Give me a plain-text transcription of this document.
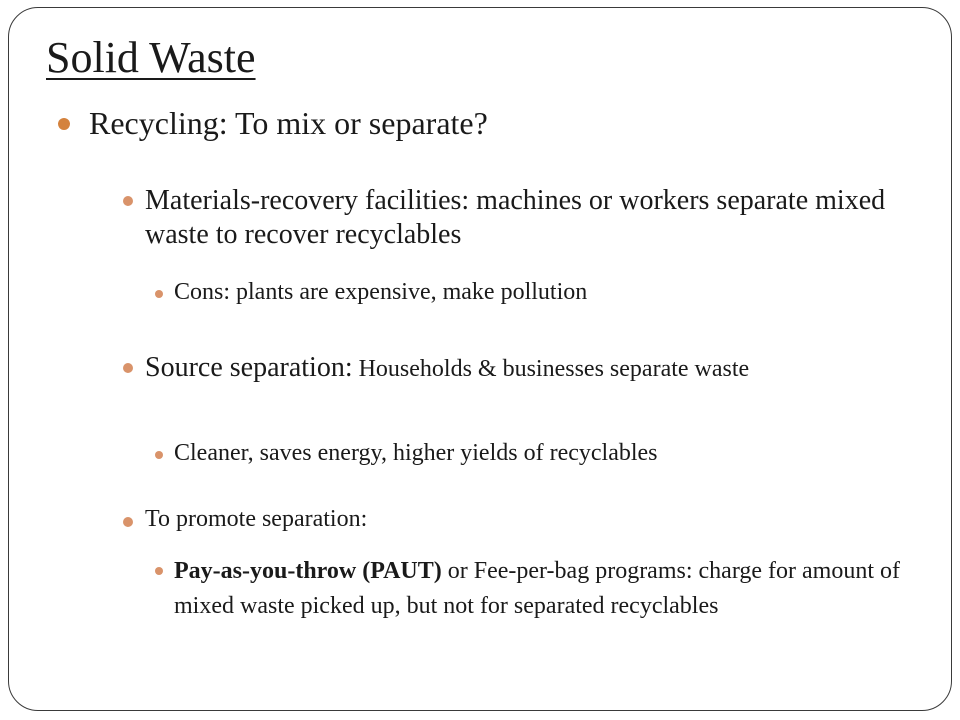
Solid Waste

Recycling: To mix or separate?

Materials-recovery facilities: machines or workers separate mixed waste to recover recyclables

Cons: plants are expensive, make pollution

Source separation: Households & businesses separate waste

Cleaner, saves energy, higher yields of recyclables

To promote separation:

Pay-as-you-throw (PAUT) or Fee-per-bag programs: charge for amount of mixed waste picked up, but not for separated recyclables
